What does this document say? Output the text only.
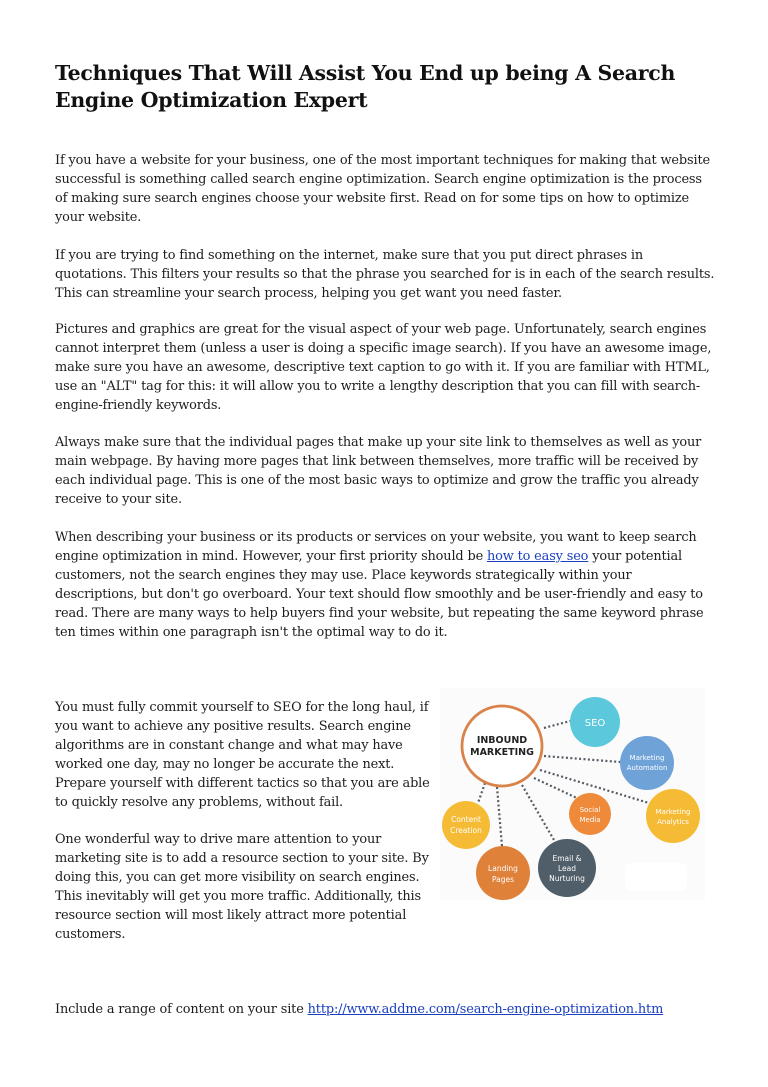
Techniques That Will Assist You End up being A Search Engine Optimization Expert

If you have a website for your business, one of the most important techniques for making that website successful is something called search engine optimization. Search engine optimization is the process of making sure search engines choose your website first. Read on for some tips on how to optimize your website.

If you are trying to find something on the internet, make sure that you put direct phrases in quotations. This filters your results so that the phrase you searched for is in each of the search results. This can streamline your search process, helping you get want you need faster.

Pictures and graphics are great for the visual aspect of your web page. Unfortunately, search engines cannot interpret them (unless a user is doing a specific image search). If you have an awesome image, make sure you have an awesome, descriptive text caption to go with it. If you are familiar with HTML, use an "ALT" tag for this: it will allow you to write a lengthy description that you can fill with search-engine-friendly keywords.

Always make sure that the individual pages that make up your site link to themselves as well as your main webpage. By having more pages that link between themselves, more traffic will be received by each individual page. This is one of the most basic ways to optimize and grow the traffic you already receive to your site.

When describing your business or its products or services on your website, you want to keep search engine optimization in mind. However, your first priority should be how to easy seo your potential customers, not the search engines they may use. Place keywords strategically within your descriptions, but don't go overboard. Your text should flow smoothly and be user-friendly and easy to read. There are many ways to help buyers find your website, but repeating the same keyword phrase ten times within one paragraph isn't the optimal way to do it.

You must fully commit yourself to SEO for the long haul, if you want to achieve any positive results. Search engine algorithms are in constant change and what may have worked one day, may no longer be accurate the next. Prepare yourself with different tactics so that you are able to quickly resolve any problems, without fail.

One wonderful way to drive mare attention to your marketing site is to add a resource section to your site. By doing this, you can get more visibility on search engines. This inevitably will get you more traffic. Additionally, this resource section will most likely attract more potential customers.

INBOUND
MARKETING
SEO
Marketing
Automation
Social
Media
Marketing
Analytics
Content
Creation
Landing
Pages
Email &
Lead
Nurturing

Include a range of content on your site http://www.addme.com/search-engine-optimization.htm
